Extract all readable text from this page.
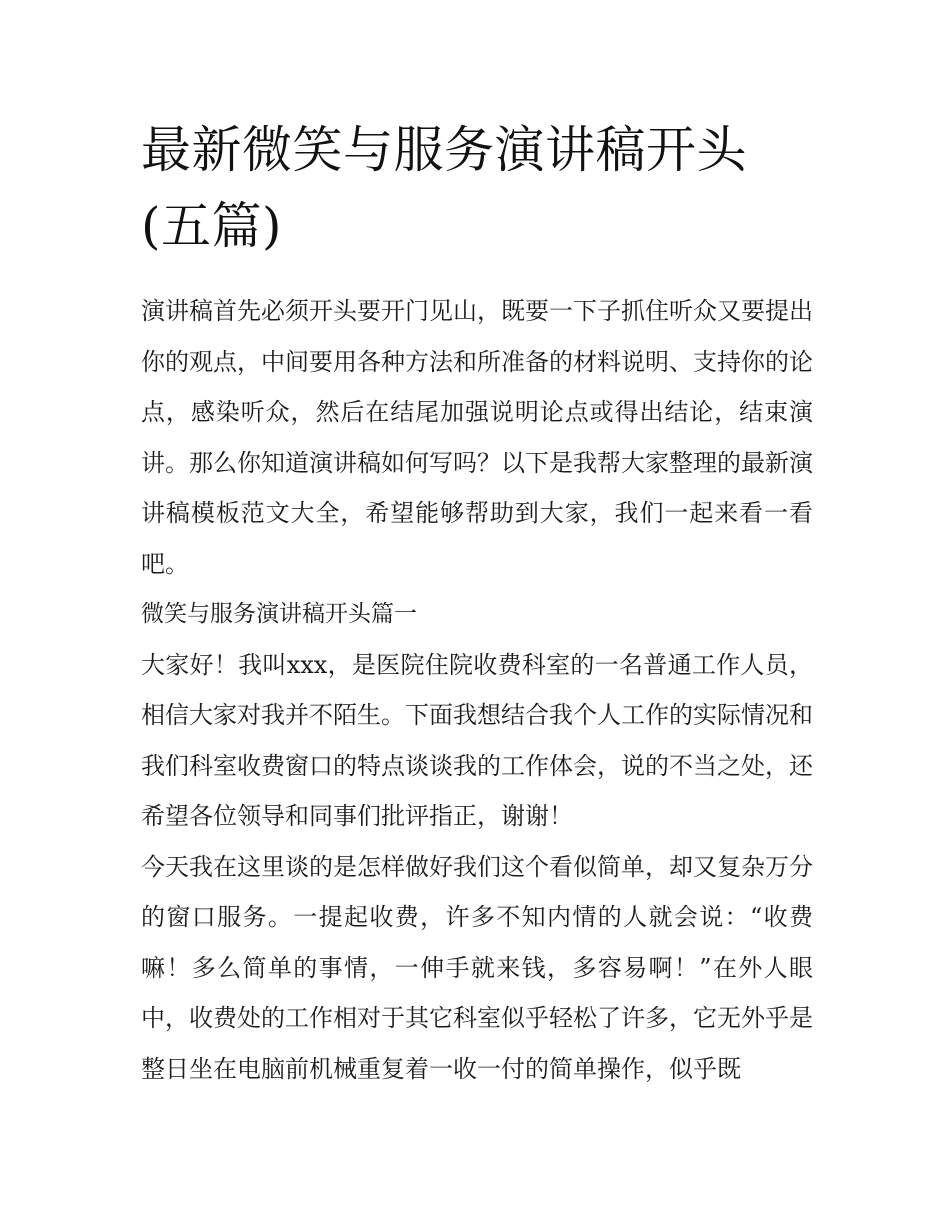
最新微笑与服务演讲稿开头(五篇)

演讲稿首先必须开头要开门见山，既要一下子抓住听众又要提出你的观点，中间要用各种方法和所准备的材料说明、支持你的论点，感染听众，然后在结尾加强说明论点或得出结论，结束演讲。那么你知道演讲稿如何写吗？以下是我帮大家整理的最新演讲稿模板范文大全，希望能够帮助到大家，我们一起来看一看吧。

微笑与服务演讲稿开头篇一

大家好！我叫xxx，是医院住院收费科室的一名普通工作人员，相信大家对我并不陌生。下面我想结合我个人工作的实际情况和我们科室收费窗口的特点谈谈我的工作体会，说的不当之处，还希望各位领导和同事们批评指正，谢谢！

今天我在这里谈的是怎样做好我们这个看似简单，却又复杂万分的窗口服务。一提起收费，许多不知内情的人就会说：“收费嘛！多么简单的事情，一伸手就来钱，多容易啊！”在外人眼中，收费处的工作相对于其它科室似乎轻松了许多，它无外乎是整日坐在电脑前机械重复着一收一付的简单操作，似乎既
